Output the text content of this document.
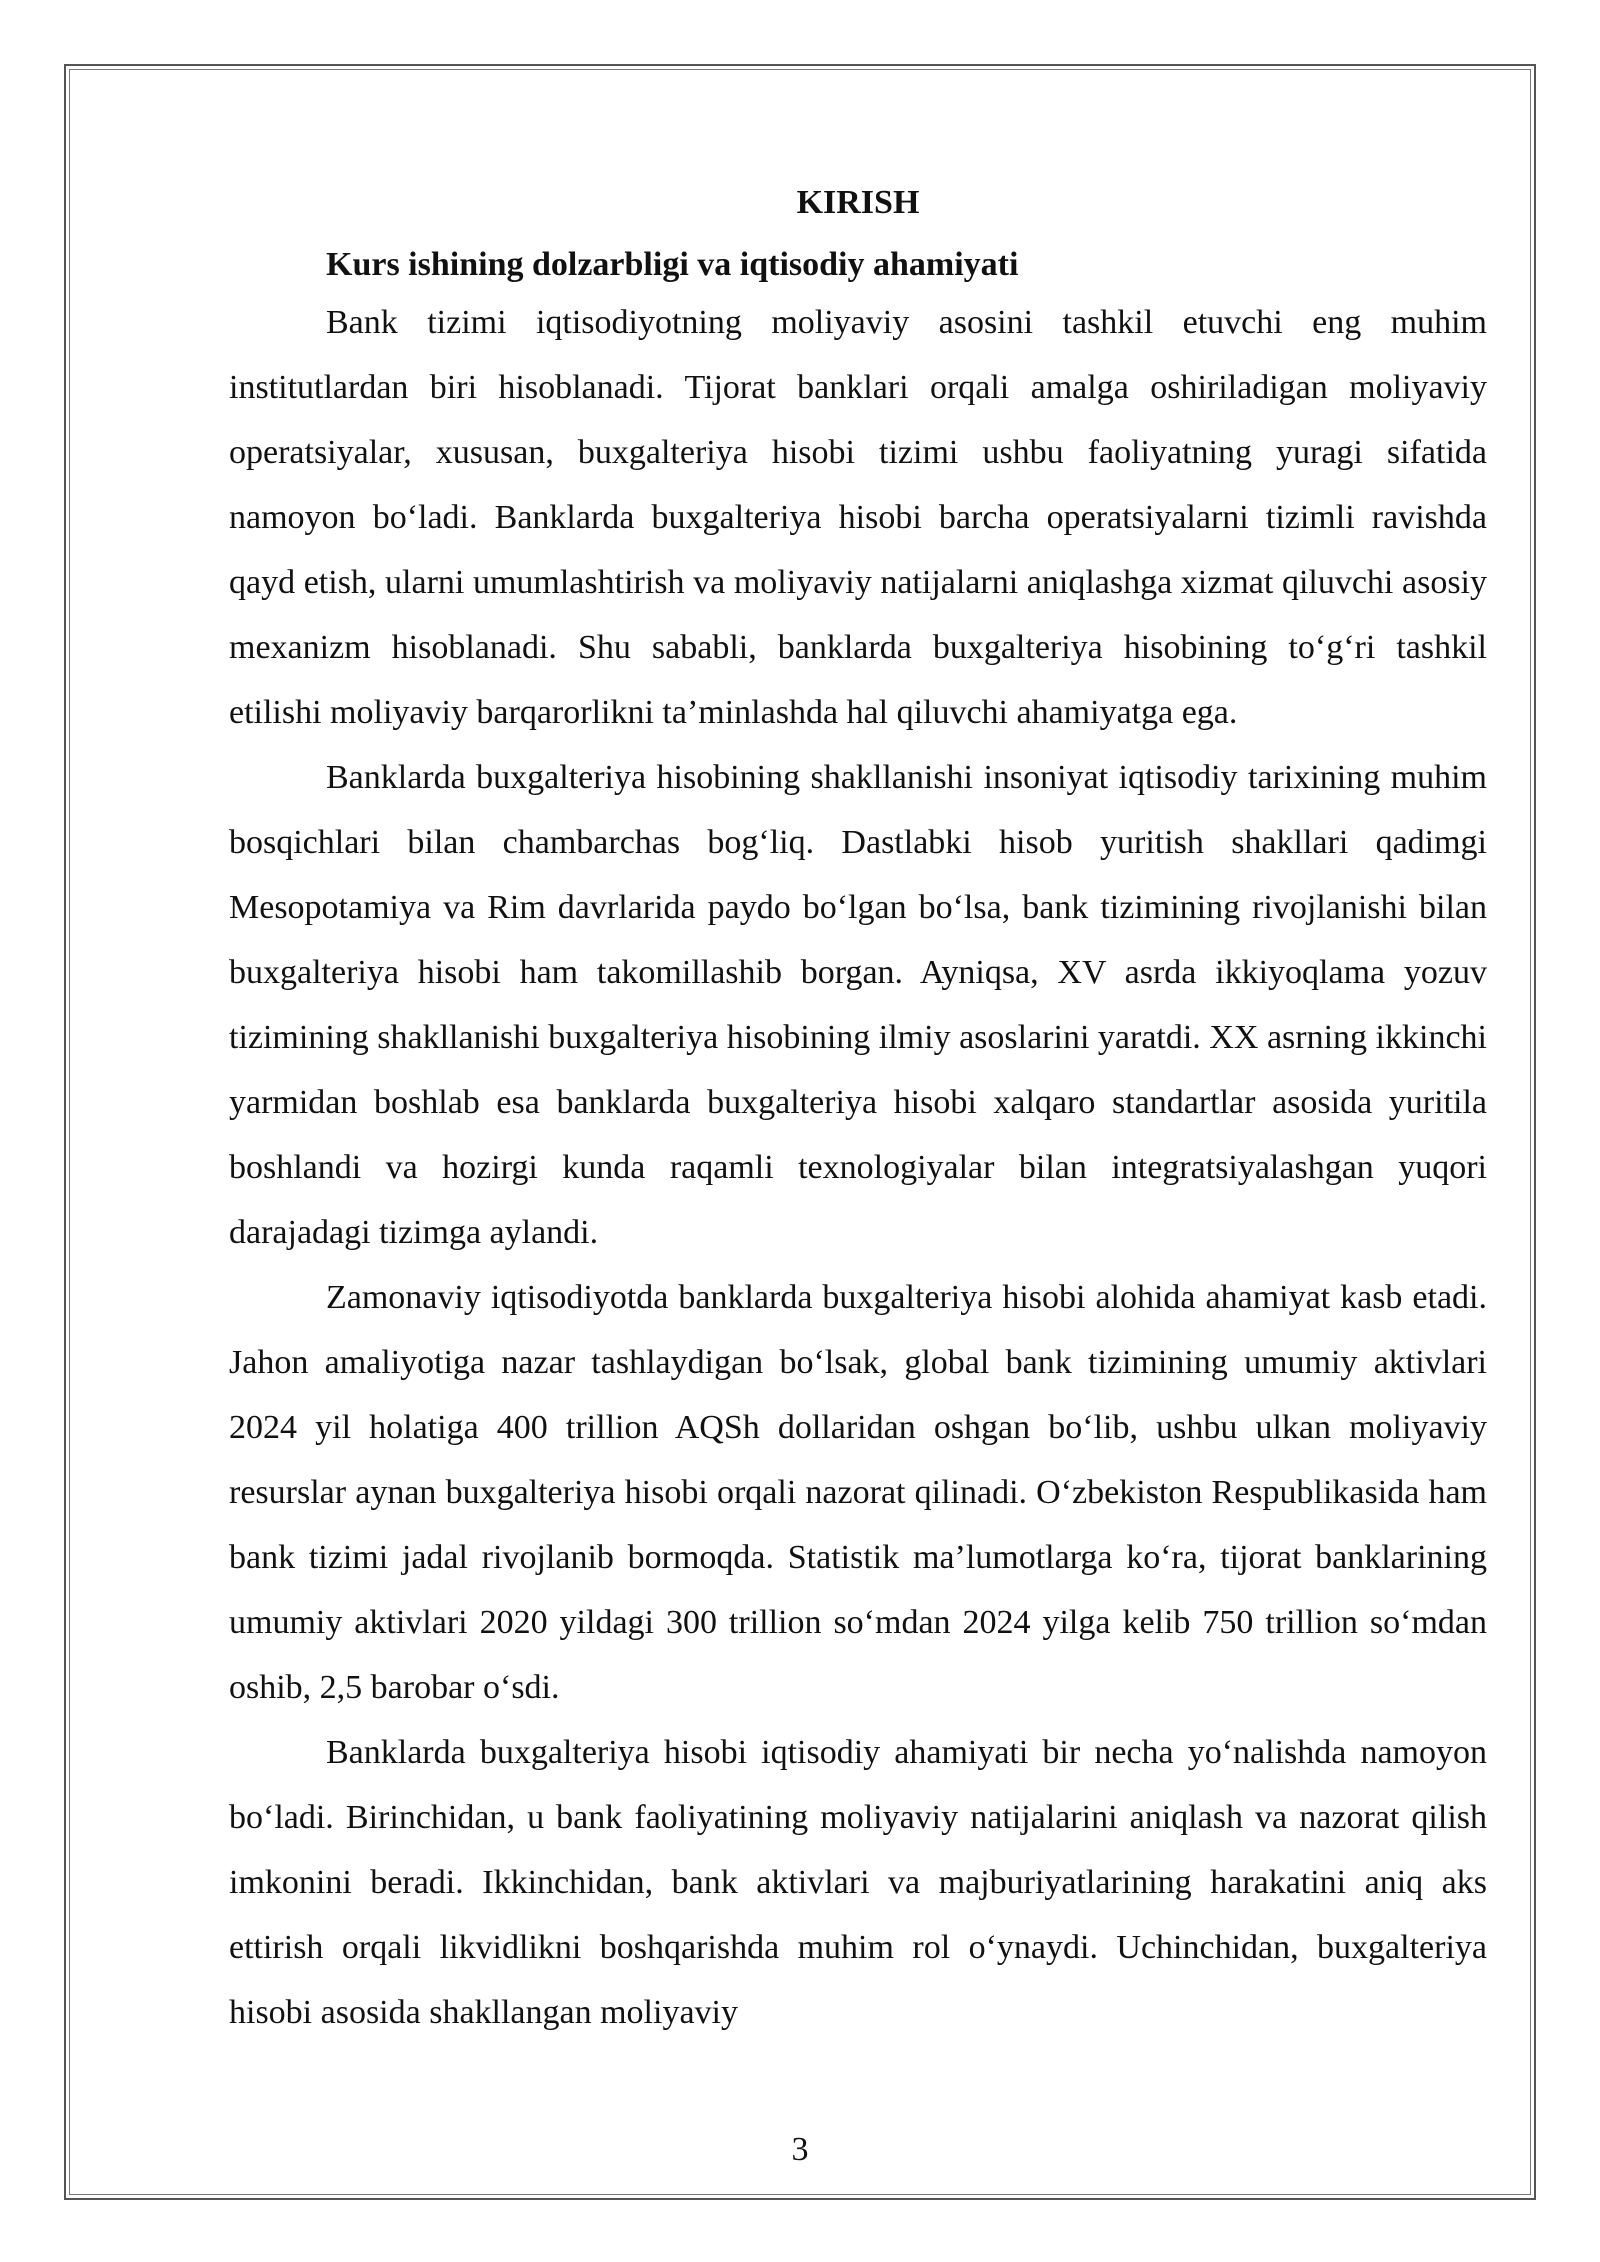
KIRISH
Kurs ishining dolzarbligi va iqtisodiy ahamiyati

Bank tizimi iqtisodiyotning moliyaviy asosini tashkil etuvchi eng muhim institutlardan biri hisoblanadi. Tijorat banklari orqali amalga oshiriladigan moliyaviy operatsiyalar, xususan, buxgalteriya hisobi tizimi ushbu faoliyatning yuragi sifatida namoyon bo‘ladi. Banklarda buxgalteriya hisobi barcha operatsiyalarni tizimli ravishda qayd etish, ularni umumlashtirish va moliyaviy natijalarni aniqlashga xizmat qiluvchi asosiy mexanizm hisoblanadi. Shu sababli, banklarda buxgalteriya hisobining to‘g‘ri tashkil etilishi moliyaviy barqarorlikni ta’minlashda hal qiluvchi ahamiyatga ega.

Banklarda buxgalteriya hisobining shakllanishi insoniyat iqtisodiy tarixining muhim bosqichlari bilan chambarchas bog‘liq. Dastlabki hisob yuritish shakllari qadimgi Mesopotamiya va Rim davrlarida paydo bo‘lgan bo‘lsa, bank tizimining rivojlanishi bilan buxgalteriya hisobi ham takomillashib borgan. Ayniqsa, XV asrda ikkiyoqlama yozuv tizimining shakllanishi buxgalteriya hisobining ilmiy asoslarini yaratdi. XX asrning ikkinchi yarmidan boshlab esa banklarda buxgalteriya hisobi xalqaro standartlar asosida yuritila boshlandi va hozirgi kunda raqamli texnologiyalar bilan integratsiyalashgan yuqori darajadagi tizimga aylandi.

Zamonaviy iqtisodiyotda banklarda buxgalteriya hisobi alohida ahamiyat kasb etadi. Jahon amaliyotiga nazar tashlaydigan bo‘lsak, global bank tizimining umumiy aktivlari 2024 yil holatiga 400 trillion AQSh dollaridan oshgan bo‘lib, ushbu ulkan moliyaviy resurslar aynan buxgalteriya hisobi orqali nazorat qilinadi. O‘zbekiston Respublikasida ham bank tizimi jadal rivojlanib bormoqda. Statistik ma’lumotlarga ko‘ra, tijorat banklarining umumiy aktivlari 2020 yildagi 300 trillion so‘mdan 2024 yilga kelib 750 trillion so‘mdan oshib, 2,5 barobar o‘sdi.

Banklarda buxgalteriya hisobi iqtisodiy ahamiyati bir necha yo‘nalishda namoyon bo‘ladi. Birinchidan, u bank faoliyatining moliyaviy natijalarini aniqlash va nazorat qilish imkonini beradi. Ikkinchidan, bank aktivlari va majburiyatlarining harakatini aniq aks ettirish orqali likvidlikni boshqarishda muhim rol o‘ynaydi. Uchinchidan, buxgalteriya hisobi asosida shakllangan moliyaviy

3
